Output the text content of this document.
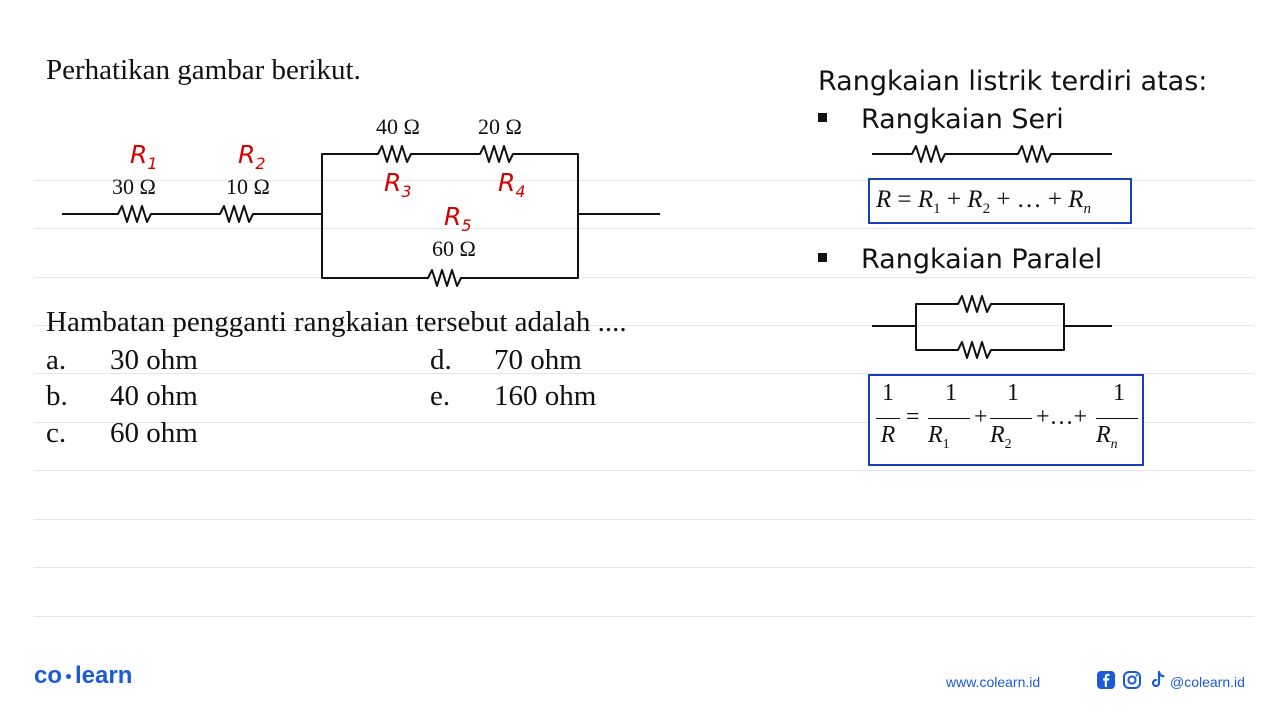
Perhatikan gambar berikut.
$R_1$
30 Ω
$R_2$
10 Ω
40 Ω
$R_3$
20 Ω
$R_4$
$R_5$
60 Ω
Hambatan pengganti rangkaian tersebut adalah ....
a. 30 ohm
b. 40 ohm
c. 60 ohm
d. 70 ohm
e. 160 ohm
Rangkaian listrik terdiri atas:
Rangkaian Seri
$R = R_1 + R_2$ + … + $R_n$
Rangkaian Paralel
1
R
=
1
$R_1$
+
1
$R_2$
+…+
1
$R_n$
co learn	www.colearn.id	@colearn.id
